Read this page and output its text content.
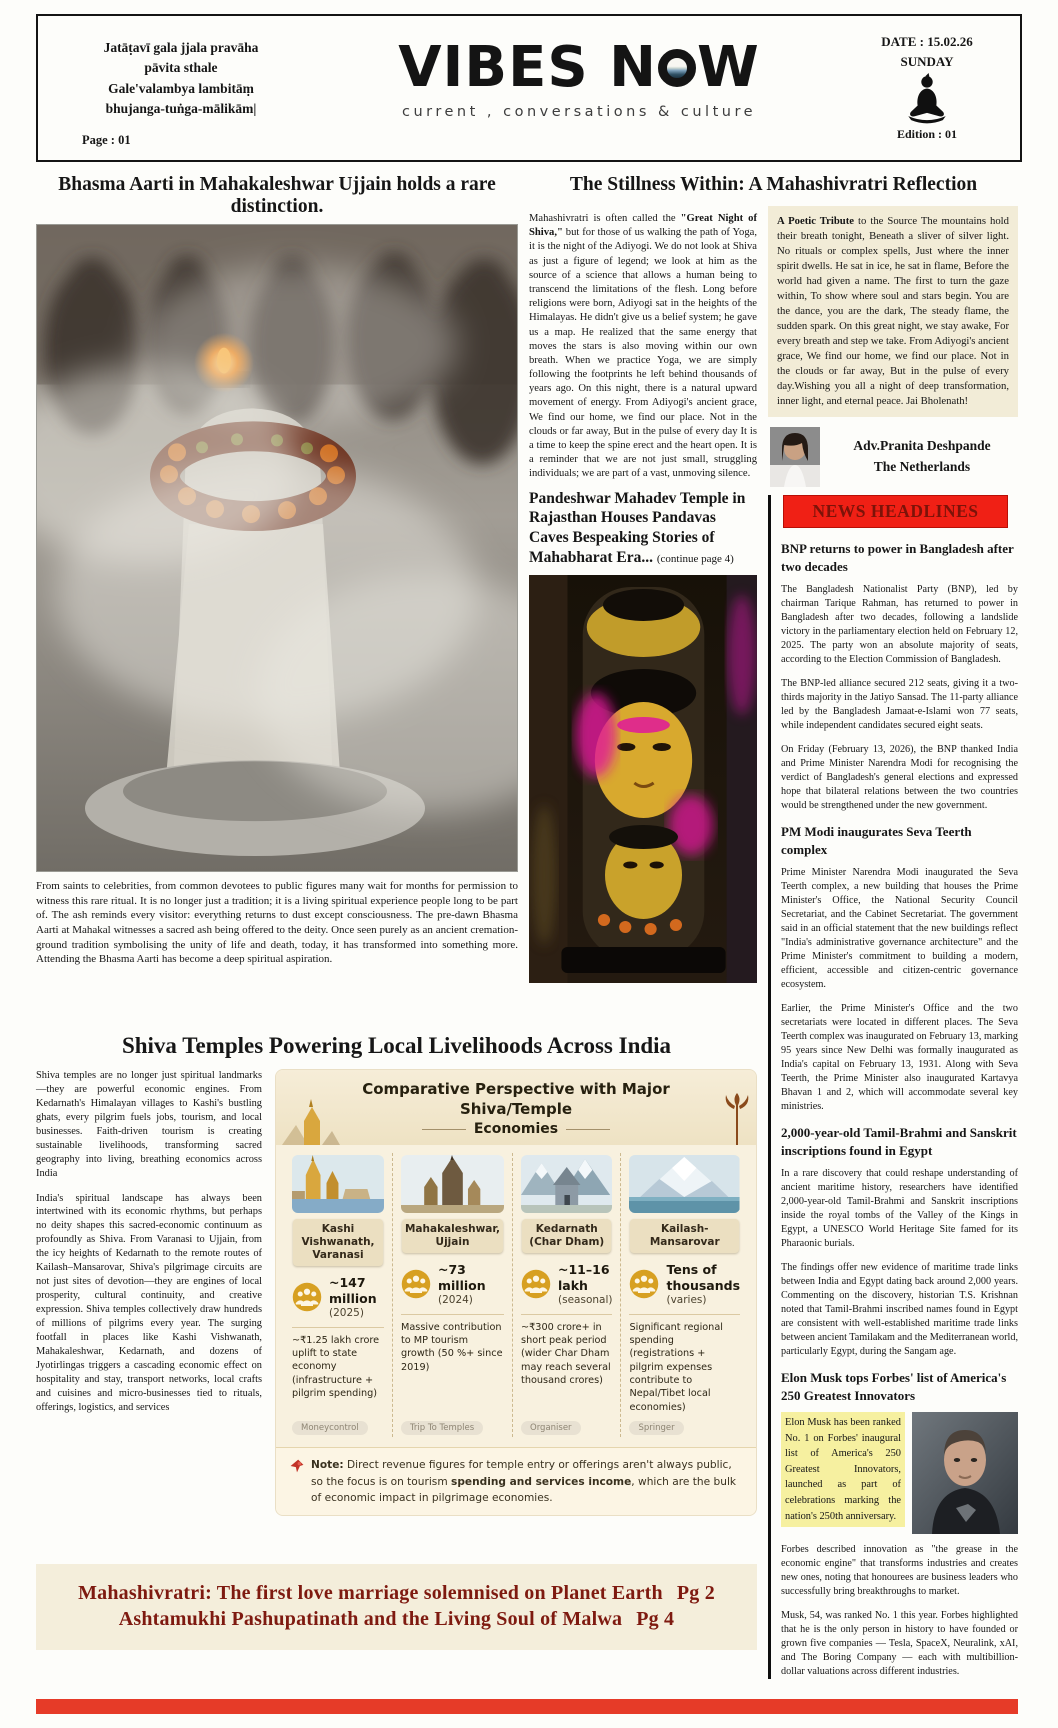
Jatāṭavī gala jjala pravāha
pāvita sthale
Gale'valambya lambitāṃ
bhujanga-tuṅga-mālikām|
Page : 01
VIBES N W
current , conversations & culture
DATE : 15.02.26
SUNDAY
Edition : 01
Bhasma Aarti in Mahakaleshwar Ujjain holds a rare distinction.

From saints to celebrities, from common devotees to public figures many wait for months for permission to witness this rare ritual. It is no longer just a tradition; it is a living spiritual experience people long to be part of. The ash reminds every visitor: everything returns to dust except consciousness. The pre-dawn Bhasma Aarti at Mahakal witnesses a sacred ash being offered to the deity. Once seen purely as an ancient cremation-ground tradition symbolising the unity of life and death, today, it has transformed into something more. Attending the Bhasma Aarti has become a deep spiritual aspiration.

The Stillness Within: A Mahashivratri Reflection

Mahashivratri is often called the "Great Night of Shiva," but for those of us walking the path of Yoga, it is the night of the Adiyogi. We do not look at Shiva as just a figure of legend; we look at him as the source of a science that allows a human being to transcend the limitations of the flesh. Long before religions were born, Adiyogi sat in the heights of the Himalayas. He didn't give us a belief system; he gave us a map. He realized that the same energy that moves the stars is also moving within our own breath. When we practice Yoga, we are simply following the footprints he left behind thousands of years ago. On this night, there is a natural upward movement of energy. From Adiyogi's ancient grace, We find our home, we find our place. Not in the clouds or far away, But in the pulse of every day It is a time to keep the spine erect and the heart open. It is a reminder that we are not just small, struggling individuals; we are part of a vast, unmoving silence.

Pandeshwar Mahadev Temple in Rajasthan Houses Pandavas Caves Bespeaking Stories of Mahabharat Era... (continue page 4)
A Poetic Tribute to the Source The mountains hold their breath tonight, Beneath a sliver of silver light. No rituals or complex spells, Just where the inner spirit dwells. He sat in ice, he sat in flame, Before the world had given a name. The first to turn the gaze within, To show where soul and stars begin. You are the dance, you are the dark, The steady flame, the sudden spark. On this great night, we stay awake, For every breath and step we take. From Adiyogi's ancient grace, We find our home, we find our place. Not in the clouds or far away, But in the pulse of every day.Wishing you all a night of deep transformation, inner light, and eternal peace. Jai Bholenath!
Adv.Pranita Deshpande
The Netherlands
NEWS HEADLINES
BNP returns to power in Bangladesh after two decades

The Bangladesh Nationalist Party (BNP), led by chairman Tarique Rahman, has returned to power in Bangladesh after two decades, following a landslide victory in the parliamentary election held on February 12, 2025. The party won an absolute majority of seats, according to the Election Commission of Bangladesh.

The BNP-led alliance secured 212 seats, giving it a two-thirds majority in the Jatiyo Sansad. The 11-party alliance led by the Bangladesh Jamaat-e-Islami won 77 seats, while independent candidates secured eight seats.

On Friday (February 13, 2026), the BNP thanked India and Prime Minister Narendra Modi for recognising the verdict of Bangladesh's general elections and expressed hope that bilateral relations between the two countries would be strengthened under the new government.

PM Modi inaugurates Seva Teerth complex

Prime Minister Narendra Modi inaugurated the Seva Teerth complex, a new building that houses the Prime Minister's Office, the National Security Council Secretariat, and the Cabinet Secretariat. The government said in an official statement that the new buildings reflect "India's administrative governance architecture" and the Prime Minister's commitment to building a modern, efficient, accessible and citizen-centric governance ecosystem.

Earlier, the Prime Minister's Office and the two secretariats were located in different places. The Seva Teerth complex was inaugurated on February 13, marking 95 years since New Delhi was formally inaugurated as India's capital on February 13, 1931. Along with Seva Teerth, the Prime Minister also inaugurated Kartavya Bhavan 1 and 2, which will accommodate several key ministries.

2,000-year-old Tamil-Brahmi and Sanskrit inscriptions found in Egypt

In a rare discovery that could reshape understanding of ancient maritime history, researchers have identified 2,000-year-old Tamil-Brahmi and Sanskrit inscriptions inside the royal tombs of the Valley of the Kings in Egypt, a UNESCO World Heritage Site famed for its Pharaonic burials.

The findings offer new evidence of maritime trade links between India and Egypt dating back around 2,000 years. Commenting on the discovery, historian T.S. Krishnan noted that Tamil-Brahmi inscribed names found in Egypt are consistent with well-established maritime trade links between ancient Tamilakam and the Mediterranean world, particularly Egypt, during the Sangam age.

Elon Musk tops Forbes' list of America's 250 Greatest Innovators
Elon Musk has been ranked No. 1 on Forbes' inaugural list of America's 250 Greatest Innovators, launched as part of celebrations marking the nation's 250th anniversary.

Forbes described innovation as "the grease in the economic engine" that transforms industries and creates new ones, noting that honourees are business leaders who successfully bring breakthroughs to market.

Musk, 54, was ranked No. 1 this year. Forbes highlighted that he is the only person in history to have founded or grown five companies — Tesla, SpaceX, Neuralink, xAI, and The Boring Company — each with multibillion-dollar valuations across different industries.

Shiva Temples Powering Local Livelihoods Across India

Shiva temples are no longer just spiritual landmarks—they are powerful economic engines. From Kedarnath's Himalayan villages to Kashi's bustling ghats, every pilgrim fuels jobs, tourism, and local businesses. Faith-driven tourism is creating sustainable livelihoods, transforming sacred geography into living, breathing economics across India

India's spiritual landscape has always been intertwined with its economic rhythms, but perhaps no deity shapes this sacred-economic continuum as profoundly as Shiva. From Varanasi to Ujjain, from the icy heights of Kedarnath to the remote routes of Kailash–Mansarovar, Shiva's pilgrimage circuits are not just sites of devotion—they are engines of local prosperity, cultural continuity, and creative expression. Shiva temples collectively draw hundreds of millions of pilgrims every year. The surging footfall in places like Kashi Vishwanath, Mahakaleshwar, Kedarnath, and dozens of Jyotirlingas triggers a cascading economic effect on hospitality and stay, transport networks, local crafts and cuisines and micro-businesses tied to rituals, offerings, logistics, and services

Comparative Perspective with Major Shiva/Temple
Economies
Kashi Vishwanath, Varanasi
~147 million
(2025)
~₹1.25 lakh crore uplift to state economy (infrastructure + pilgrim spending)
Moneycontrol
Mahakaleshwar, Ujjain
~73 million
(2024)
Massive contribution to MP tourism growth (50 %+ since 2019)
Trip To Temples
Kedarnath (Char Dham)
~11–16 lakh
(seasonal)
~₹300 crore+ in short peak period (wider Char Dham may reach several thousand crores)
Organiser
Kailash-Mansarovar
Tens of thousands
(varies)
Significant regional spending (registrations + pilgrim expenses contribute to Nepal/Tibet local economies)
Springer
Note: Direct revenue figures for temple entry or offerings aren't always public, so the focus is on tourism spending and services income, which are the bulk of economic impact in pilgrimage economies.
Mahashivratri: The first love marriage solemnised on Planet Earth Pg 2
Ashtamukhi Pashupatinath and the Living Soul of Malwa Pg 4
